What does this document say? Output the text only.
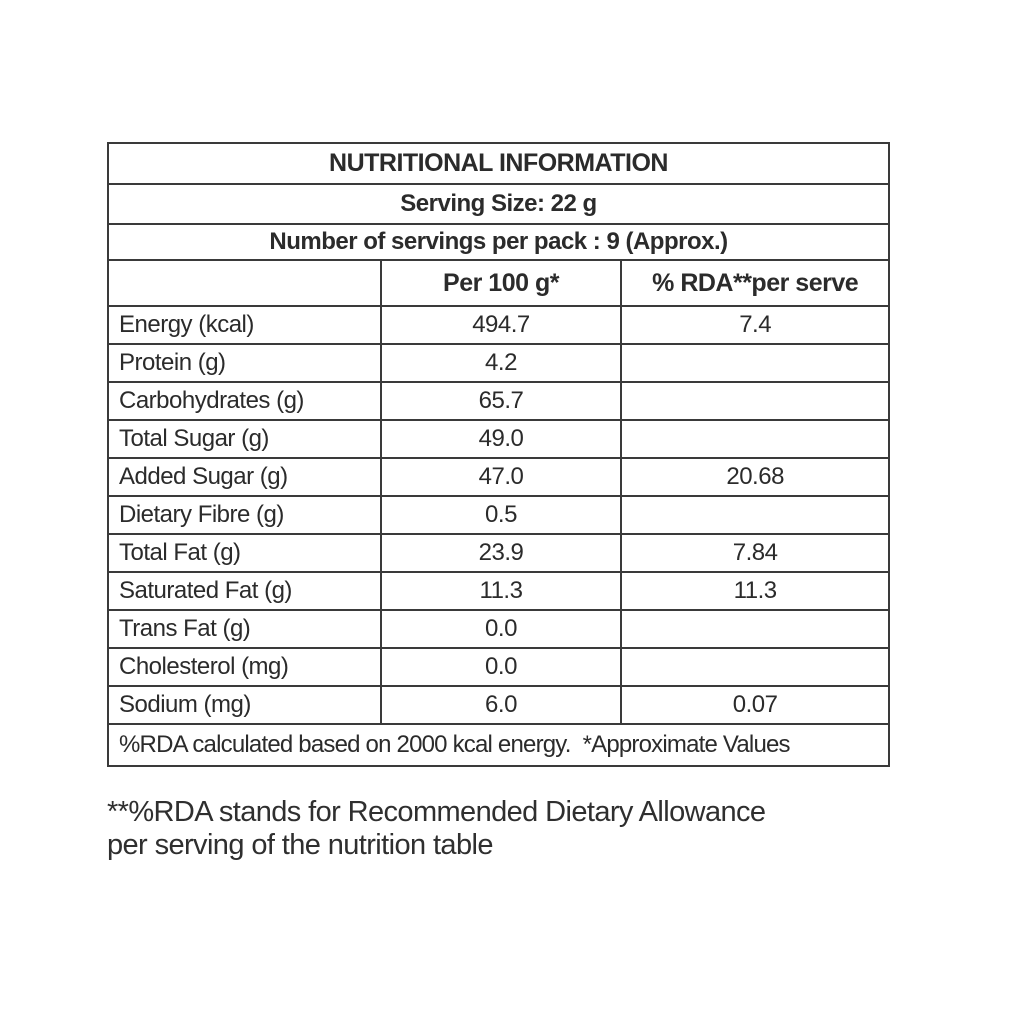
NUTRITIONAL INFORMATION		
Serving Size: 22 g		
Number of servings per pack : 9 (Approx.)		
	Per 100 g*	% RDA**per serve
Energy (kcal)	494.7	7.4
Protein (g)	4.2	
Carbohydrates (g)	65.7	
Total Sugar (g)	49.0	
Added Sugar (g)	47.0	20.68
Dietary Fibre (g)	0.5	
Total Fat (g)	23.9	7.84
Saturated Fat (g)	11.3	11.3
Trans Fat (g)	0.0	
Cholesterol (mg)	0.0	
Sodium (mg)	6.0	0.07
%RDA calculated based on 2000 kcal energy. *Approximate Values		
**%RDA stands for Recommended Dietary Allowance
per serving of the nutrition table
